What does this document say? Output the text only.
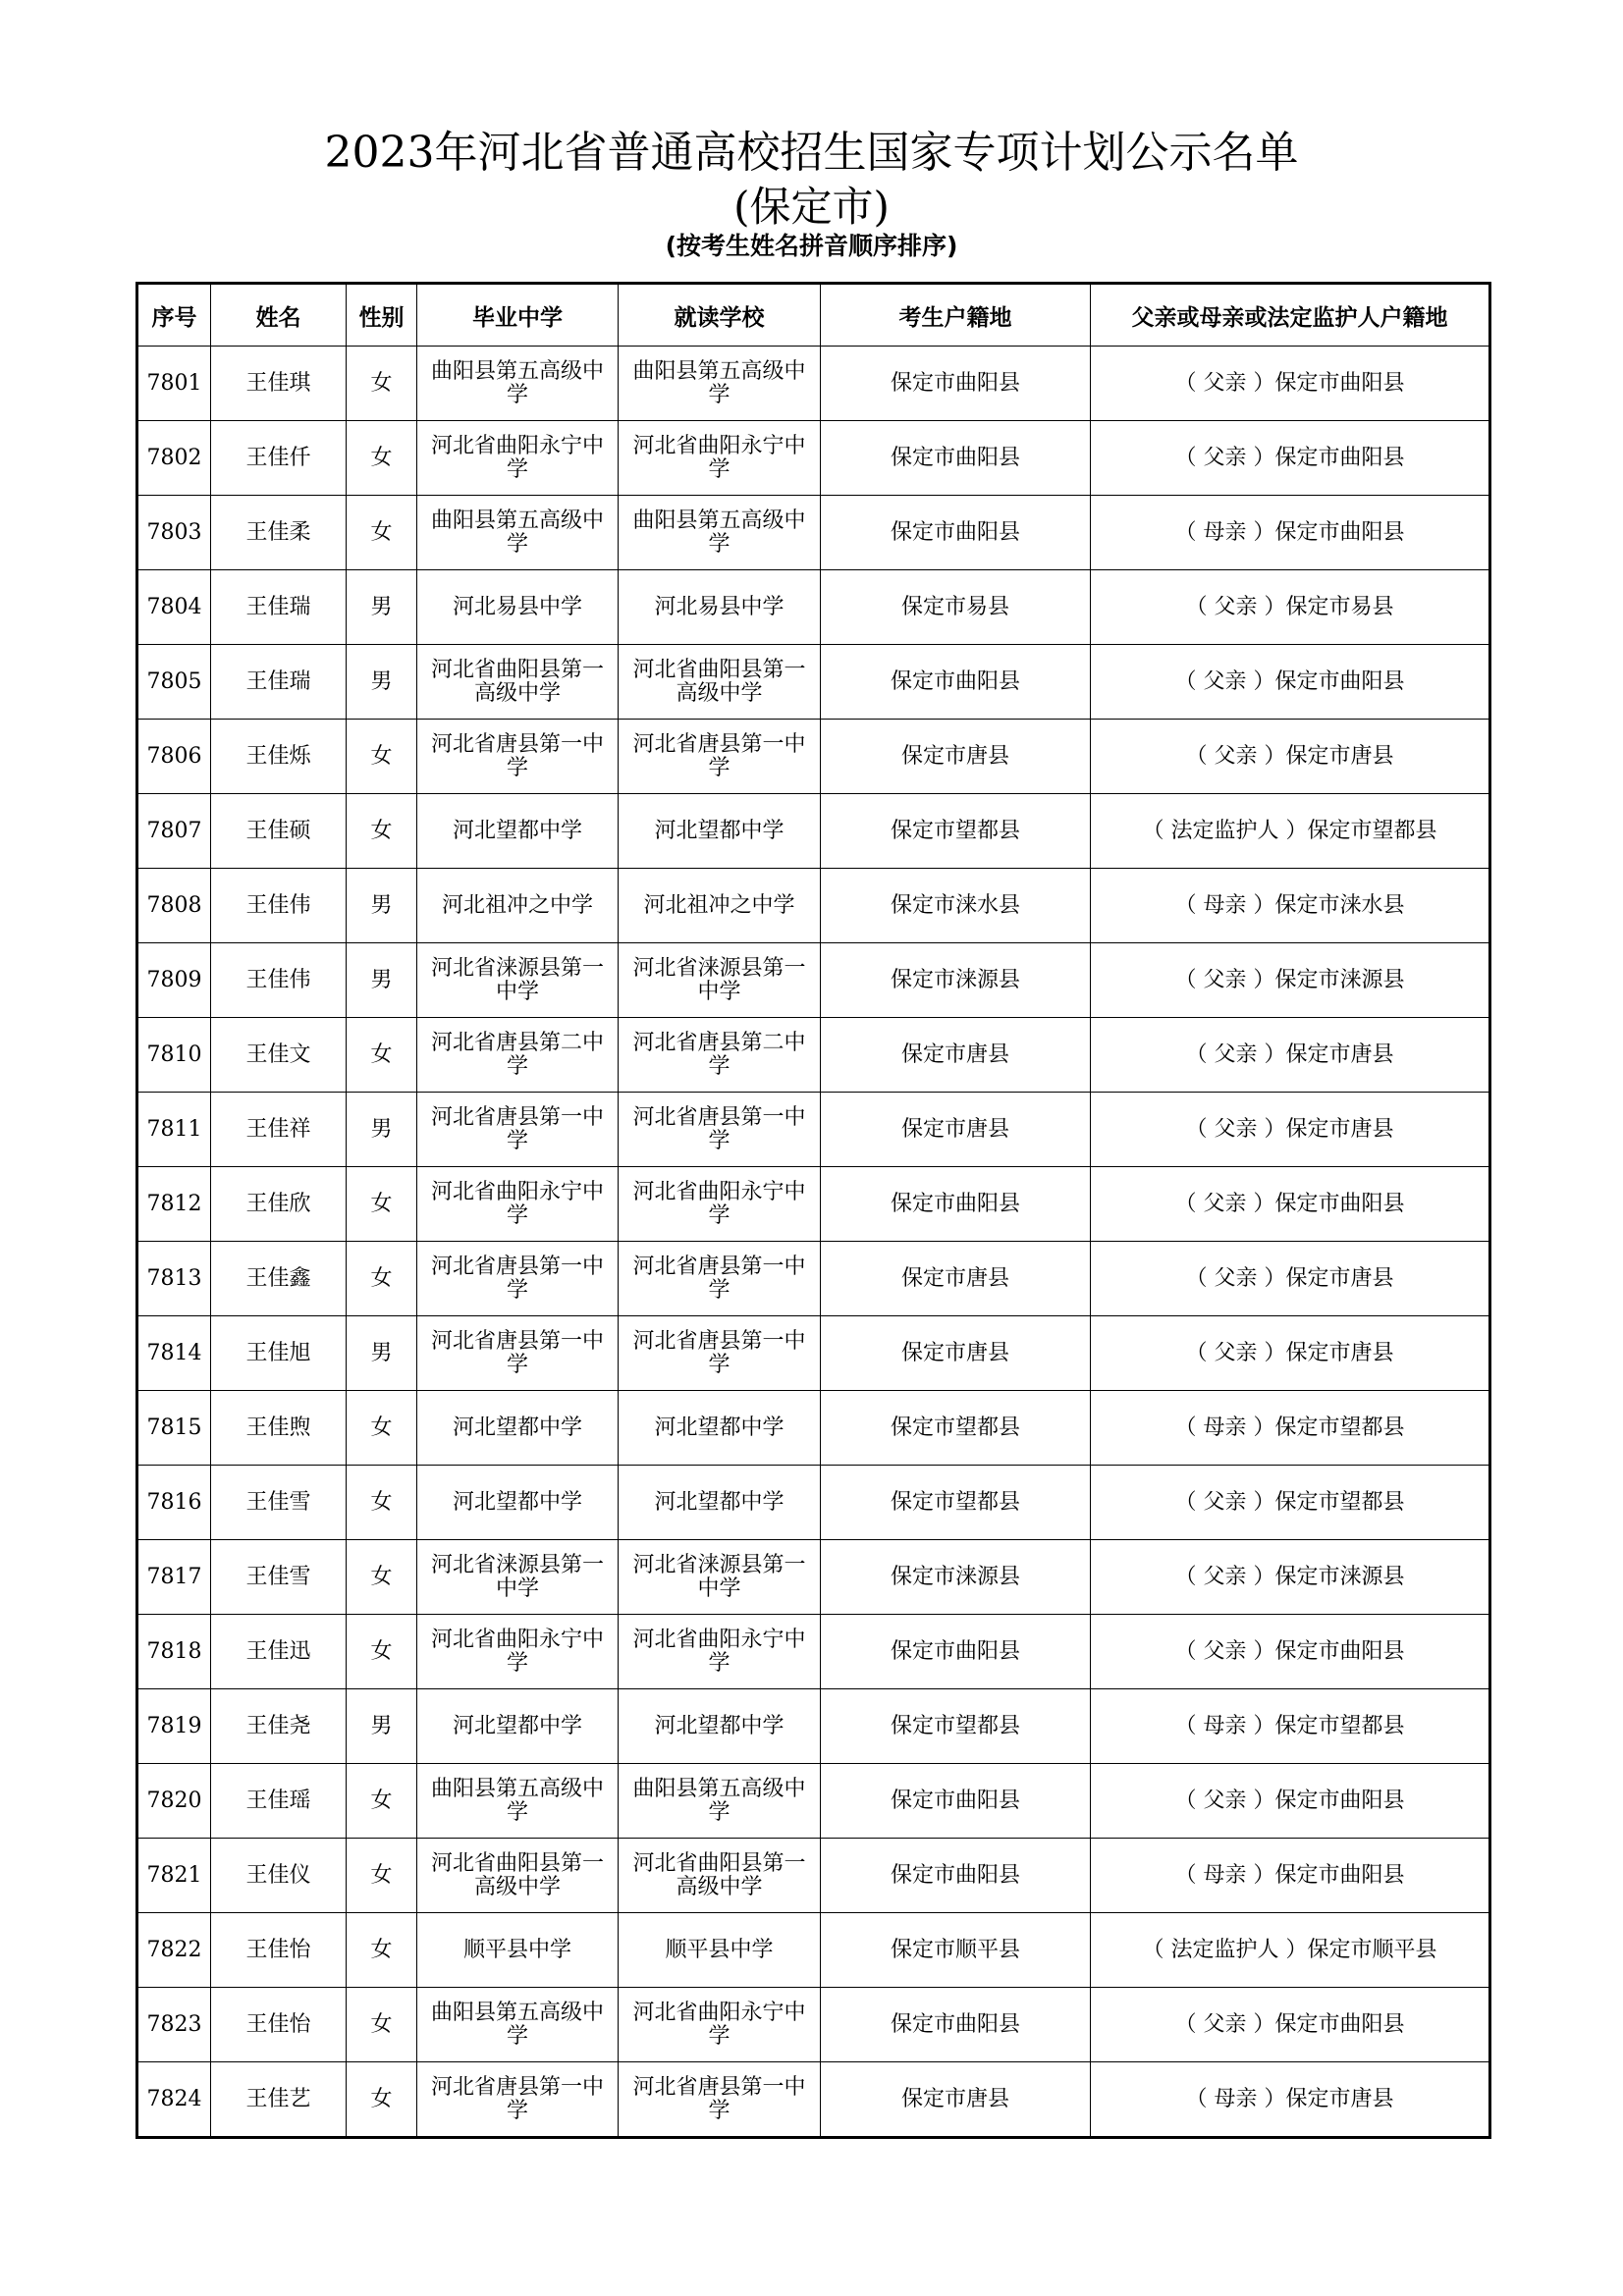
2023年河北省普通高校招生国家专项计划公示名单
(保定市)
(按考生姓名拼音顺序排序)
序号	姓名	性别	毕业中学	就读学校	考生户籍地	父亲或母亲或法定监护人户籍地
7801	王佳琪	女	曲阳县第五高级中学	曲阳县第五高级中学	保定市曲阳县	（ 父亲 ）保定市曲阳县
7802	王佳仟	女	河北省曲阳永宁中学	河北省曲阳永宁中学	保定市曲阳县	（ 父亲 ）保定市曲阳县
7803	王佳柔	女	曲阳县第五高级中学	曲阳县第五高级中学	保定市曲阳县	（ 母亲 ）保定市曲阳县
7804	王佳瑞	男	河北易县中学	河北易县中学	保定市易县	（ 父亲 ）保定市易县
7805	王佳瑞	男	河北省曲阳县第一高级中学	河北省曲阳县第一高级中学	保定市曲阳县	（ 父亲 ）保定市曲阳县
7806	王佳烁	女	河北省唐县第一中学	河北省唐县第一中学	保定市唐县	（ 父亲 ）保定市唐县
7807	王佳硕	女	河北望都中学	河北望都中学	保定市望都县	（ 法定监护人 ）保定市望都县
7808	王佳伟	男	河北祖冲之中学	河北祖冲之中学	保定市涞水县	（ 母亲 ）保定市涞水县
7809	王佳伟	男	河北省涞源县第一中学	河北省涞源县第一中学	保定市涞源县	（ 父亲 ）保定市涞源县
7810	王佳文	女	河北省唐县第二中学	河北省唐县第二中学	保定市唐县	（ 父亲 ）保定市唐县
7811	王佳祥	男	河北省唐县第一中学	河北省唐县第一中学	保定市唐县	（ 父亲 ）保定市唐县
7812	王佳欣	女	河北省曲阳永宁中学	河北省曲阳永宁中学	保定市曲阳县	（ 父亲 ）保定市曲阳县
7813	王佳鑫	女	河北省唐县第一中学	河北省唐县第一中学	保定市唐县	（ 父亲 ）保定市唐县
7814	王佳旭	男	河北省唐县第一中学	河北省唐县第一中学	保定市唐县	（ 父亲 ）保定市唐县
7815	王佳煦	女	河北望都中学	河北望都中学	保定市望都县	（ 母亲 ）保定市望都县
7816	王佳雪	女	河北望都中学	河北望都中学	保定市望都县	（ 父亲 ）保定市望都县
7817	王佳雪	女	河北省涞源县第一中学	河北省涞源县第一中学	保定市涞源县	（ 父亲 ）保定市涞源县
7818	王佳迅	女	河北省曲阳永宁中学	河北省曲阳永宁中学	保定市曲阳县	（ 父亲 ）保定市曲阳县
7819	王佳尧	男	河北望都中学	河北望都中学	保定市望都县	（ 母亲 ）保定市望都县
7820	王佳瑶	女	曲阳县第五高级中学	曲阳县第五高级中学	保定市曲阳县	（ 父亲 ）保定市曲阳县
7821	王佳仪	女	河北省曲阳县第一高级中学	河北省曲阳县第一高级中学	保定市曲阳县	（ 母亲 ）保定市曲阳县
7822	王佳怡	女	顺平县中学	顺平县中学	保定市顺平县	（ 法定监护人 ）保定市顺平县
7823	王佳怡	女	曲阳县第五高级中学	河北省曲阳永宁中学	保定市曲阳县	（ 父亲 ）保定市曲阳县
7824	王佳艺	女	河北省唐县第一中学	河北省唐县第一中学	保定市唐县	（ 母亲 ）保定市唐县
